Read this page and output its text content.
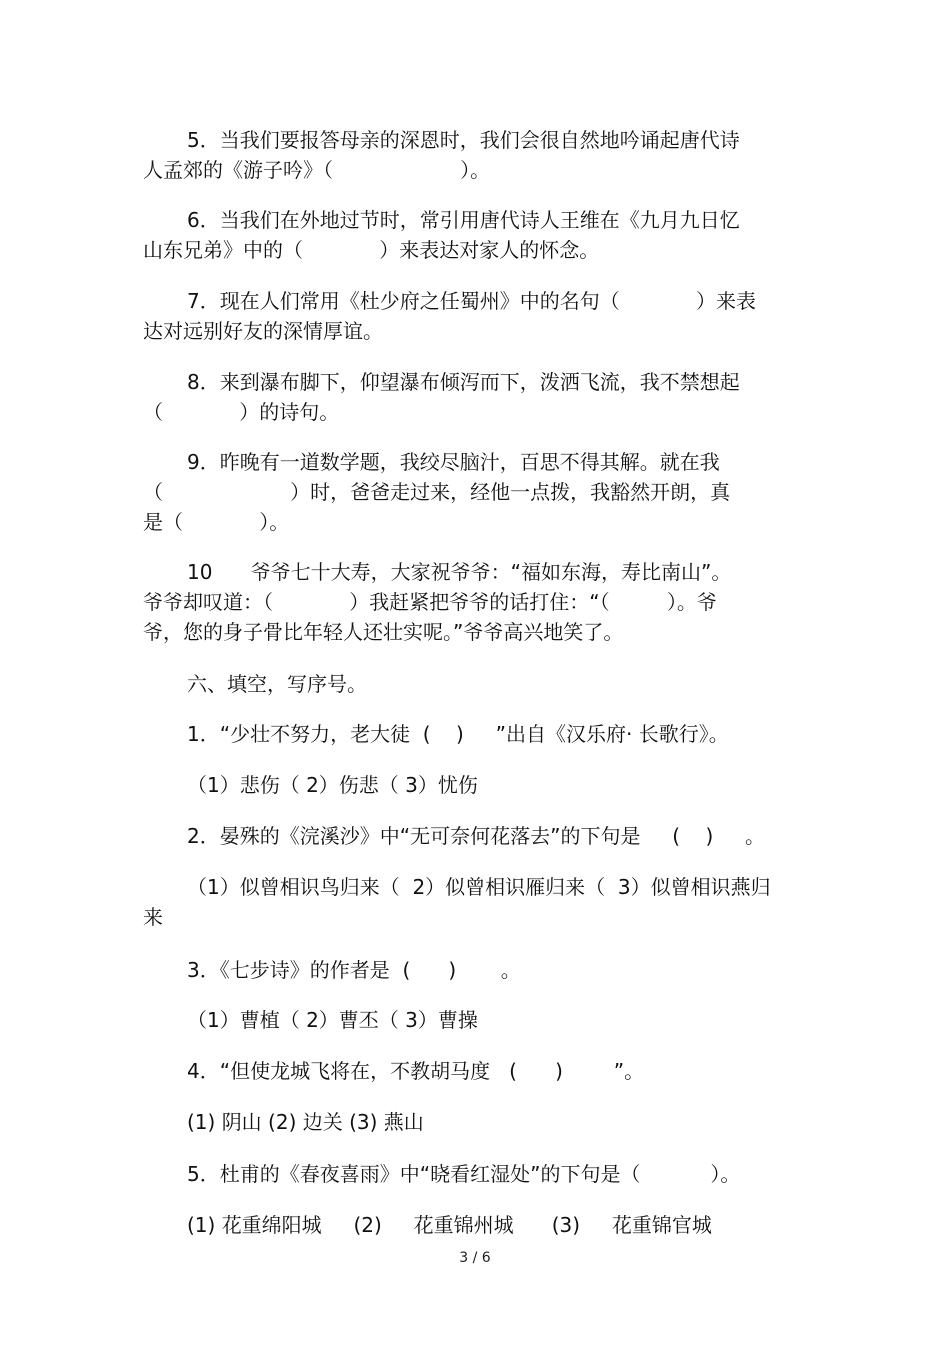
5．当我们要报答母亲的深恩时，我们会很自然地吟诵起唐代诗
人孟郊的《游子吟》（                    ）。
6．当我们在外地过节时，常引用唐代诗人王维在《九月九日忆
山东兄弟》中的（            ）来表达对家人的怀念。
7．现在人们常用《杜少府之任蜀州》中的名句（            ）来表
达对远别好友的深情厚谊。
8．来到瀑布脚下，仰望瀑布倾泻而下，泼洒飞流，我不禁想起
（            ）的诗句。
9．昨晚有一道数学题，我绞尽脑汁，百思不得其解。就在我
（                    ）时，爸爸走过来，经他一点拨，我豁然开朗，真
是（            ）。
10      爷爷七十大寿，大家祝爷爷：“福如东海，寿比南山”。
爷爷却叹道：（            ）我赶紧把爷爷的话打住：“（         ）。爷
爷，您的身子骨比年轻人还壮实呢。”爷爷高兴地笑了。
六、填空，写序号。
1．“少壮不努力，老大徒  (    )     ”出自《汉乐府· 长歌行》。
（1）悲伤（ 2）伤悲（ 3）忧伤
2．晏殊的《浣溪沙》中“无可奈何花落去”的下句是     (    )     。
（1）似曾相识鸟归来（  2）似曾相识雁归来（  3）似曾相识燕归
来
3．《七步诗》的作者是  (      )       。
（1）曹植（ 2）曹丕（ 3）曹操
4．“但使龙城飞将在，不教胡马度   (      )        ”。
(1) 阴山 (2) 边关 (3) 燕山
5．杜甫的《春夜喜雨》中“晓看红湿处”的下句是（           ）。
(1) 花重绵阳城     (2)     花重锦州城      (3)     花重锦官城
3 / 6
